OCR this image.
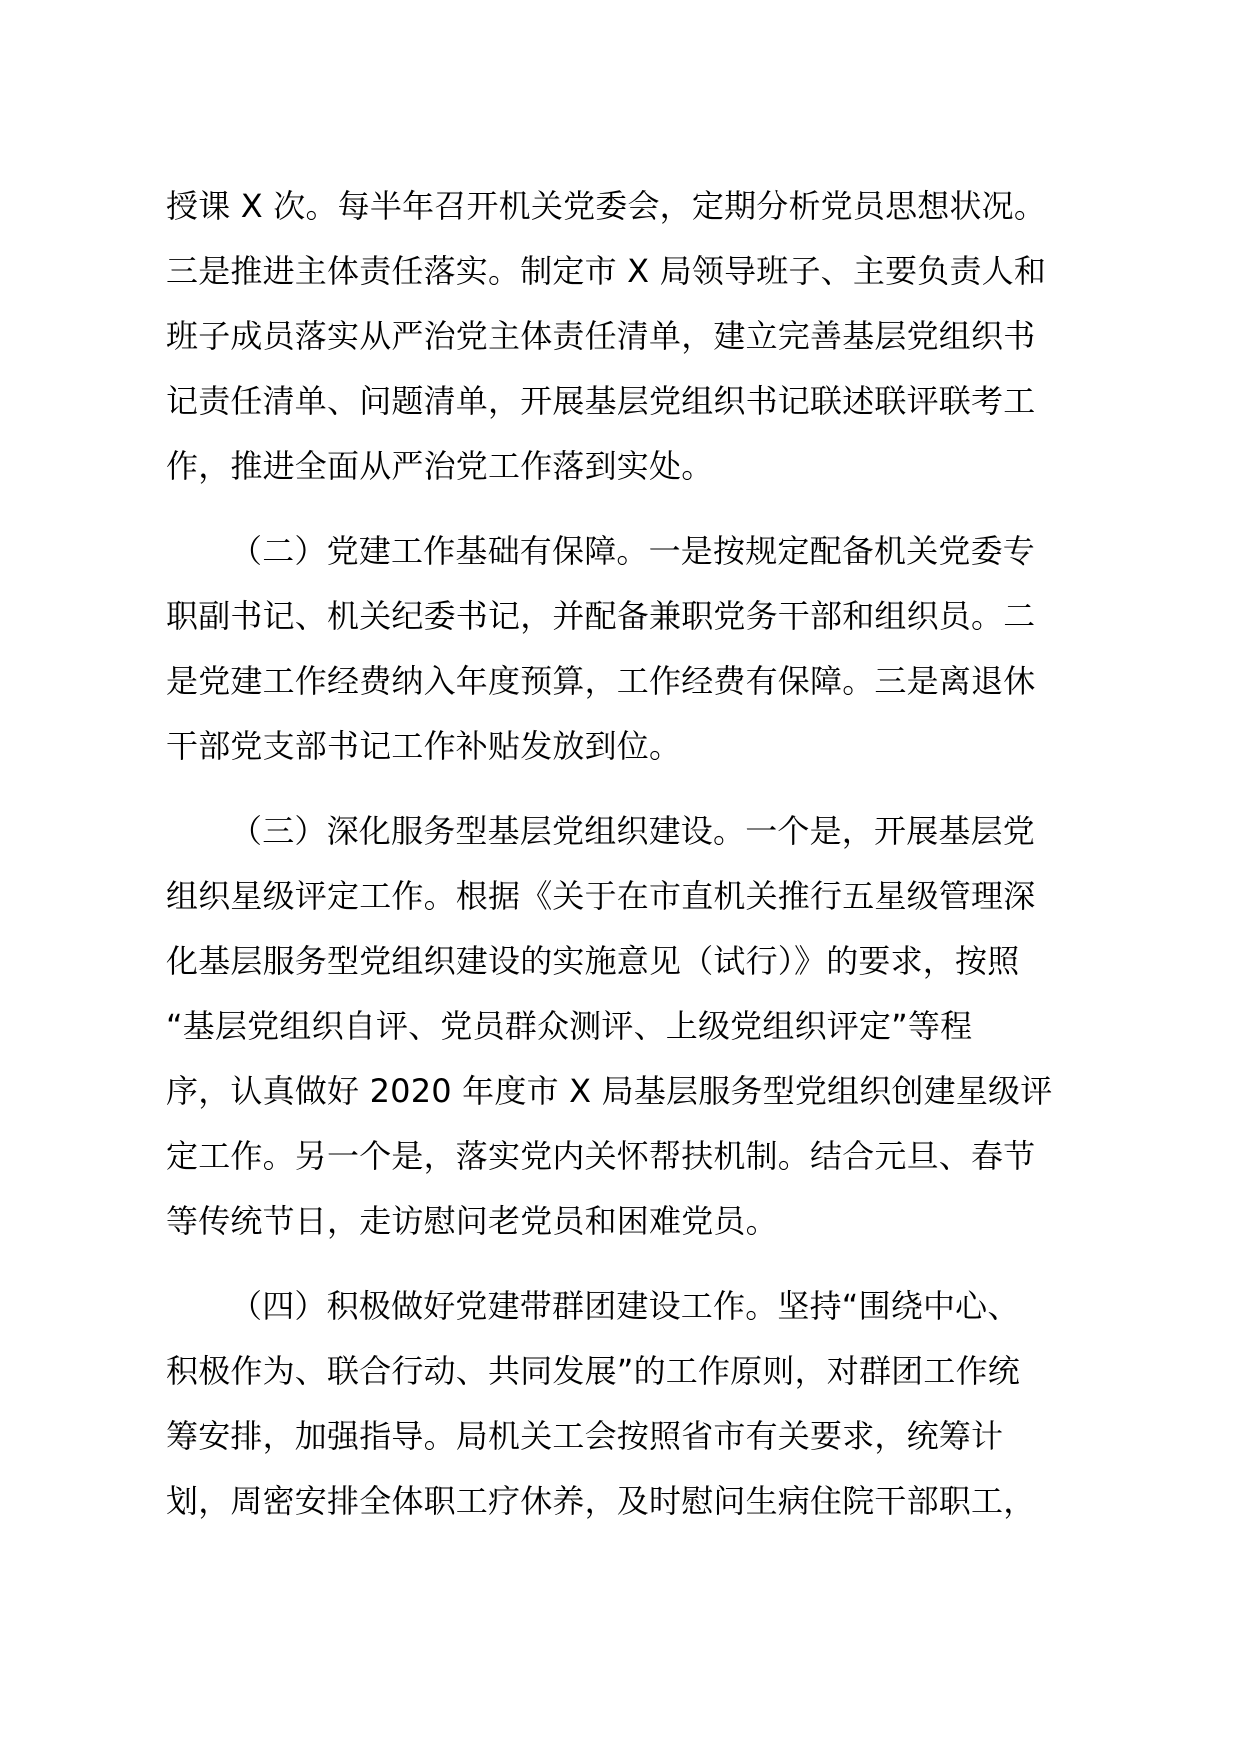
授课 X 次。每半年召开机关党委会，定期分析党员思想状况。
三是推进主体责任落实。制定市 X 局领导班子、主要负责人和
班子成员落实从严治党主体责任清单，建立完善基层党组织书
记责任清单、问题清单，开展基层党组织书记联述联评联考工
作，推进全面从严治党工作落到实处。
（二）党建工作基础有保障。一是按规定配备机关党委专
职副书记、机关纪委书记，并配备兼职党务干部和组织员。二
是党建工作经费纳入年度预算，工作经费有保障。三是离退休
干部党支部书记工作补贴发放到位。
（三）深化服务型基层党组织建设。一个是，开展基层党
组织星级评定工作。根据《关于在市直机关推行五星级管理深
化基层服务型党组织建设的实施意见（试行）》的要求，按照
“基层党组织自评、党员群众测评、上级党组织评定”等程
序，认真做好 2020 年度市 X 局基层服务型党组织创建星级评
定工作。另一个是，落实党内关怀帮扶机制。结合元旦、春节
等传统节日，走访慰问老党员和困难党员。
（四）积极做好党建带群团建设工作。坚持“围绕中心、
积极作为、联合行动、共同发展”的工作原则，对群团工作统
筹安排，加强指导。局机关工会按照省市有关要求，统筹计
划，周密安排全体职工疗休养，及时慰问生病住院干部职工，
